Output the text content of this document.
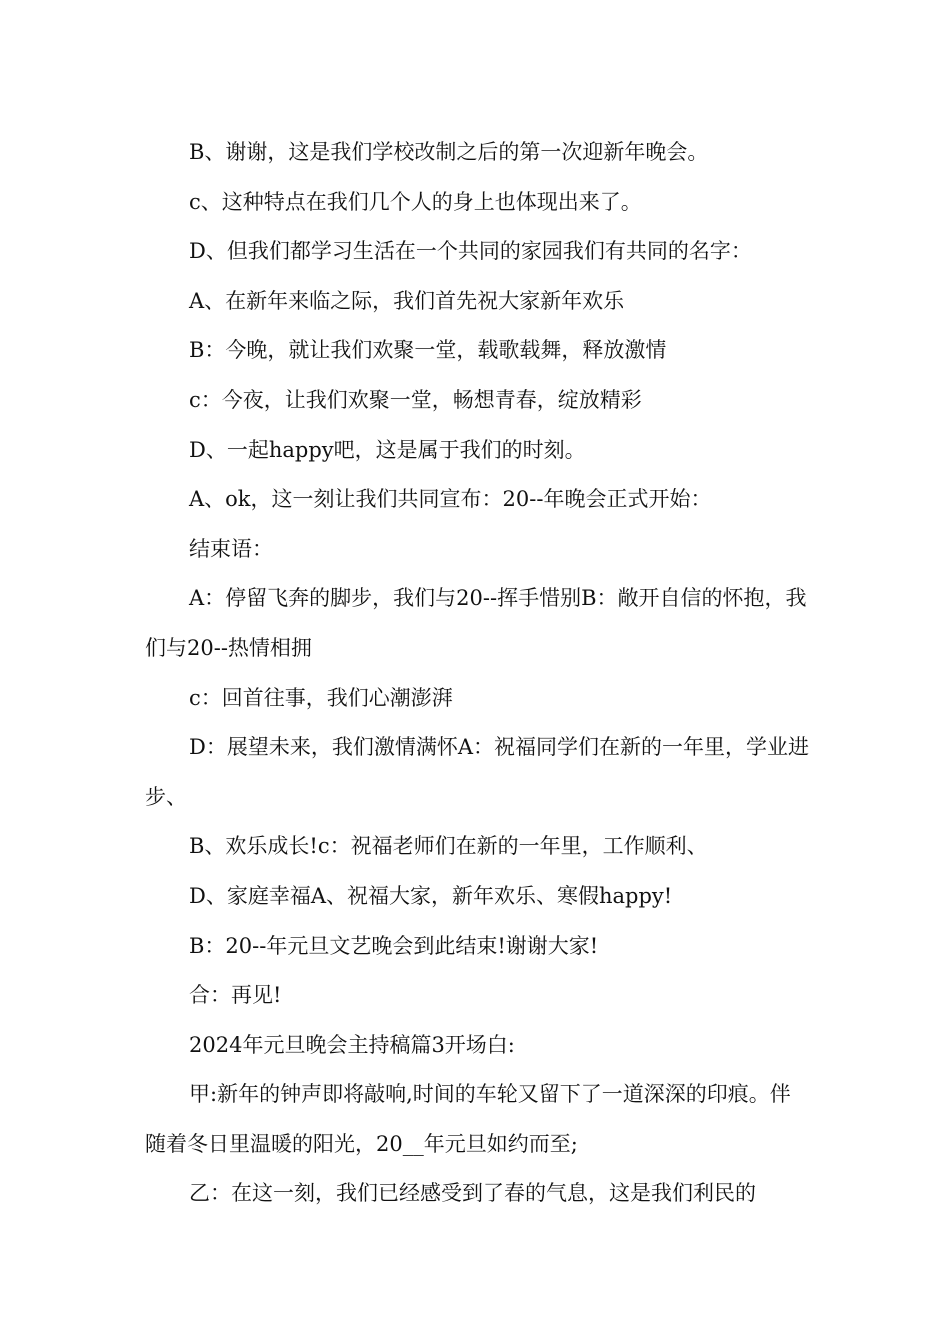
B、谢谢，这是我们学校改制之后的第一次迎新年晚会。

c、这种特点在我们几个人的身上也体现出来了。

D、但我们都学习生活在一个共同的家园我们有共同的名字：

A、在新年来临之际，我们首先祝大家新年欢乐

B：今晚，就让我们欢聚一堂，载歌载舞，释放激情

c：今夜，让我们欢聚一堂，畅想青春，绽放精彩

D、一起happy吧，这是属于我们的时刻。

A、ok，这一刻让我们共同宣布：20--年晚会正式开始：

结束语：

A：停留飞奔的脚步，我们与20--挥手惜别B：敞开自信的怀抱，我们与20--热情相拥

c：回首往事，我们心潮澎湃

D：展望未来，我们激情满怀A：祝福同学们在新的一年里，学业进步、

B、欢乐成长!c：祝福老师们在新的一年里，工作顺利、

D、家庭幸福A、祝福大家，新年欢乐、寒假happy!

B：20--年元旦文艺晚会到此结束!谢谢大家!

合：再见!

2024年元旦晚会主持稿篇3开场白:

甲:新年的钟声即将敲响,时间的车轮又留下了一道深深的印痕。伴随着冬日里温暖的阳光，20__年元旦如约而至;

乙：在这一刻，我们已经感受到了春的气息，这是我们利民的
